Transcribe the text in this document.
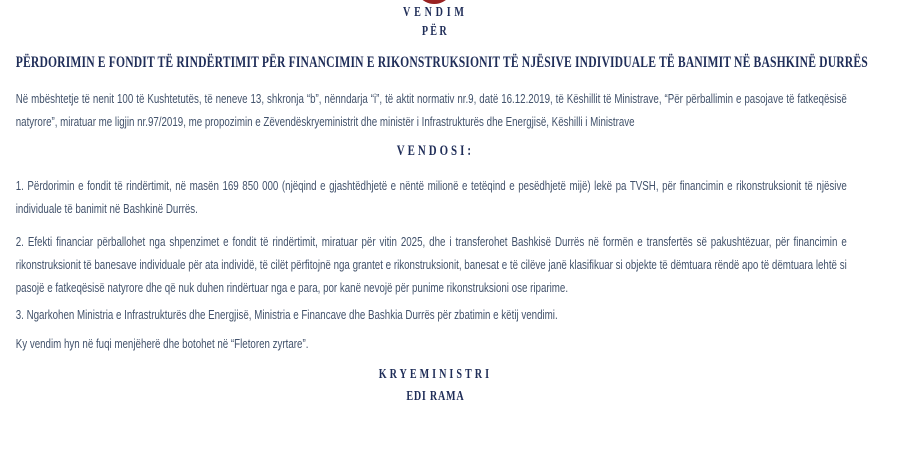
VENDIM
PËR
PËRDORIMIN E FONDIT TË RINDËRTIMIT PËR FINANCIMIN E RIKONSTRUKSIONIT TË NJËSIVE INDIVIDUALE TË BANIMIT NË BASHKINË DURRËS

Në mbështetje të nenit 100 të Kushtetutës, të neneve 13, shkronja “b”, nënndarja “i”, të aktit normativ nr.9, datë 16.12.2019, të Këshillit të Ministrave, “Për përballimin e pasojave të fatkeqësisë natyrore”, miratuar me ligjin nr.97/2019, me propozimin e Zëvendëskryeministrit dhe ministër i Infrastrukturës dhe Energjisë, Këshilli i Ministrave

VENDOSI:

1. Përdorimin e fondit të rindërtimit, në masën 169 850 000 (njëqind e gjashtëdhjetë e nëntë milionë e tetëqind e pesëdhjetë mijë) lekë pa TVSH, për financimin e rikonstruksionit të njësive individuale të banimit në Bashkinë Durrës.

2. Efekti financiar përballohet nga shpenzimet e fondit të rindërtimit, miratuar për vitin 2025, dhe i transferohet Bashkisë Durrës në formën e transfertës së pakushtëzuar, për financimin e rikonstruksionit të banesave individuale për ata individë, të cilët përfitojnë nga grantet e rikonstruksionit, banesat e të cilëve janë klasifikuar si objekte të dëmtuara rëndë apo të dëmtuara lehtë si pasojë e fatkeqësisë natyrore dhe që nuk duhen rindërtuar nga e para, por kanë nevojë për punime rikonstruksioni ose riparime.

3. Ngarkohen Ministria e Infrastrukturës dhe Energjisë, Ministria e Financave dhe Bashkia Durrës për zbatimin e këtij vendimi.

Ky vendim hyn në fuqi menjëherë dhe botohet në “Fletoren zyrtare”.

KRYEMINISTRI
EDI RAMA
